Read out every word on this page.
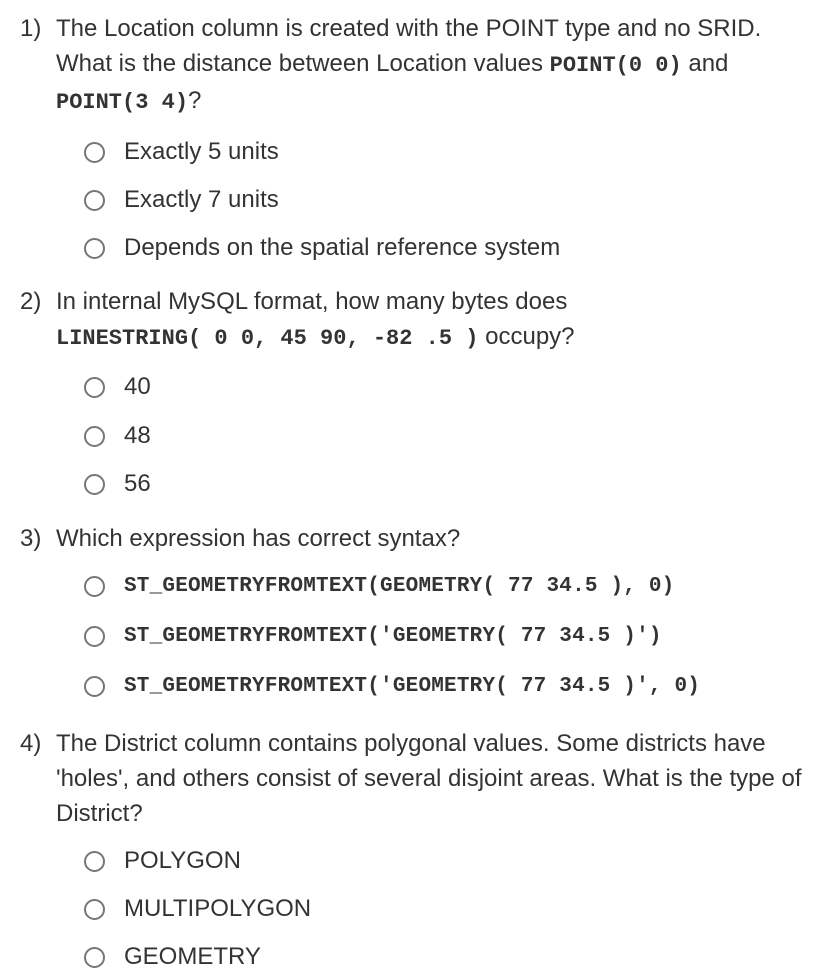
1) The Location column is created with the POINT type and no SRID. What is the distance between Location values POINT(0 0) and
POINT(3 4)?
Exactly 5 units
Exactly 7 units
Depends on the spatial reference system
2) In internal MySQL format, how many bytes does
LINESTRING( 0 0, 45 90, -82 .5 ) occupy?
40
48
56
3) Which expression has correct syntax?
ST_GEOMETRYFROMTEXT(GEOMETRY( 77 34.5 ), 0)
ST_GEOMETRYFROMTEXT('GEOMETRY( 77 34.5 )')
ST_GEOMETRYFROMTEXT('GEOMETRY( 77 34.5 )', 0)
4) The District column contains polygonal values. Some districts have 'holes', and others consist of several disjoint areas. What is the type of District?
POLYGON
MULTIPOLYGON
GEOMETRY
